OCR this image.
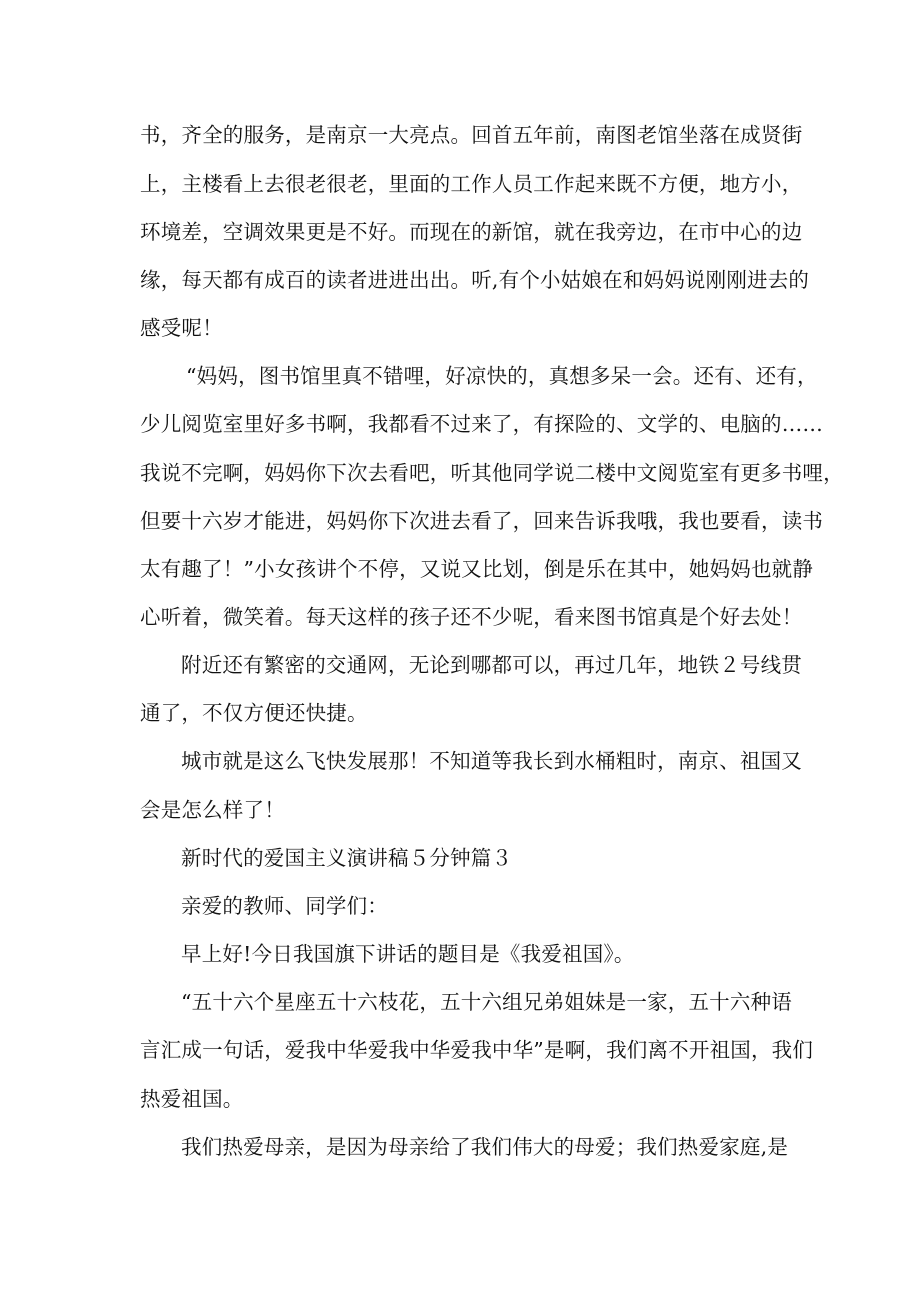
书，齐全的服务，是南京一大亮点。回首五年前，南图老馆坐落在成贤街
上，主楼看上去很老很老，里面的工作人员工作起来既不方便，地方小，
环境差，空调效果更是不好。而现在的新馆，就在我旁边，在市中心的边
缘，每天都有成百的读者进进出出。听,有个小姑娘在和妈妈说刚刚进去的
感受呢！
“妈妈，图书馆里真不错哩，好凉快的，真想多呆一会。还有、还有，
少儿阅览室里好多书啊，我都看不过来了，有探险的、文学的、电脑的……
我说不完啊，妈妈你下次去看吧，听其他同学说二楼中文阅览室有更多书哩，
但要十六岁才能进，妈妈你下次进去看了，回来告诉我哦，我也要看，读书
太有趣了！”小女孩讲个不停，又说又比划，倒是乐在其中，她妈妈也就静
心听着，微笑着。每天这样的孩子还不少呢，看来图书馆真是个好去处！
附近还有繁密的交通网，无论到哪都可以，再过几年，地铁２号线贯
通了，不仅方便还快捷。
城市就是这么飞快发展那！不知道等我长到水桶粗时，南京、祖国又
会是怎么样了！
新时代的爱国主义演讲稿５分钟篇３
亲爱的教师、同学们：
早上好!今日我国旗下讲话的题目是《我爱祖国》。
“五十六个星座五十六枝花，五十六组兄弟姐妹是一家，五十六种语
言汇成一句话，爱我中华爱我中华爱我中华”是啊，我们离不开祖国，我们
热爱祖国。
我们热爱母亲，是因为母亲给了我们伟大的母爱；我们热爱家庭,是
